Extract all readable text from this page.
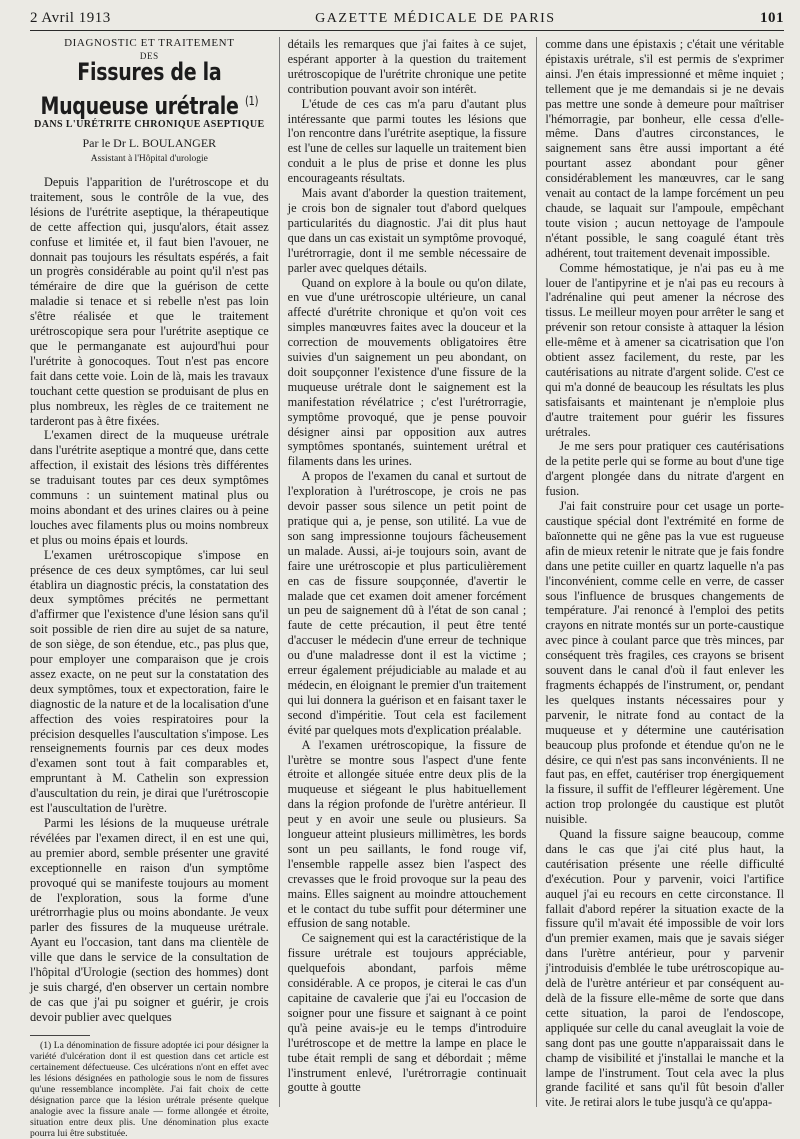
2 Avril 1913	GAZETTE MÉDICALE DE PARIS	101
DIAGNOSTIC ET TRAITEMENT
DES
Fissures de la Muqueuse urétrale $^{(1)}$
DANS L'URÉTRITE CHRONIQUE ASEPTIQUE
Par le Dr L. BOULANGER
Assistant à l'Hôpital d'urologie

Depuis l'apparition de l'urétroscope et du traitement, sous le contrôle de la vue, des lésions de l'urétrite aseptique, la thérapeutique de cette affection qui, jusqu'alors, était assez confuse et limitée et, il faut bien l'avouer, ne donnait pas toujours les résultats espérés, a fait un progrès considérable au point qu'il n'est pas téméraire de dire que la guérison de cette maladie si tenace et si rebelle n'est pas loin s'être réalisée et que le traitement urétroscopique sera pour l'urétrite aseptique ce que le permanganate est aujourd'hui pour l'urétrite à gonocoques. Tout n'est pas encore fait dans cette voie. Loin de là, mais les travaux touchant cette question se produisant de plus en plus nombreux, les règles de ce traitement ne tarderont pas à être fixées.

L'examen direct de la muqueuse urétrale dans l'urétrite aseptique a montré que, dans cette affection, il existait des lésions très différentes se traduisant toutes par ces deux symptômes communs : un suintement matinal plus ou moins abondant et des urines claires ou à peine louches avec filaments plus ou moins nombreux et plus ou moins épais et lourds.

L'examen urétroscopique s'impose en présence de ces deux symptômes, car lui seul établira un diagnostic précis, la constatation des deux symptômes précités ne permettant d'affirmer que l'existence d'une lésion sans qu'il soit possible de rien dire au sujet de sa nature, de son siège, de son étendue, etc., pas plus que, pour employer une comparaison que je crois assez exacte, on ne peut sur la constatation des deux symptômes, toux et expectoration, faire le diagnostic de la nature et de la localisation d'une affection des voies respiratoires pour la précision desquelles l'auscultation s'impose. Les renseignements fournis par ces deux modes d'examen sont tout à fait comparables et, empruntant à M. Cathelin son expression d'auscultation du rein, je dirai que l'urétroscopie est l'auscultation de l'urètre.

Parmi les lésions de la muqueuse urétrale révélées par l'examen direct, il en est une qui, au premier abord, semble présenter une gravité exceptionnelle en raison d'un symptôme provoqué qui se manifeste toujours au moment de l'exploration, sous la forme d'une urétrorrhagie plus ou moins abondante. Je veux parler des fissures de la muqueuse urétrale. Ayant eu l'occasion, tant dans ma clientèle de ville que dans le service de la consultation de l'hôpital d'Urologie (section des hommes) dont je suis chargé, d'en observer un certain nombre de cas que j'ai pu soigner et guérir, je crois devoir publier avec quelques

(1) La dénomination de fissure adoptée ici pour désigner la variété d'ulcération dont il est question dans cet article est certainement défectueuse. Ces ulcérations n'ont en effet avec les lésions désignées en pathologie sous le nom de fissures qu'une ressemblance incomplète. J'ai fait choix de cette désignation parce que la lésion urétrale présente quelque analogie avec la fissure anale — forme allongée et étroite, situation entre deux plis. Une dénomination plus exacte pourra lui être substituée.

détails les remarques que j'ai faites à ce sujet, espérant apporter à la question du traitement urétroscopique de l'urétrite chronique une petite contribution pouvant avoir son intérêt.

L'étude de ces cas m'a paru d'autant plus intéressante que parmi toutes les lésions que l'on rencontre dans l'urétrite aseptique, la fissure est l'une de celles sur laquelle un traitement bien conduit a le plus de prise et donne les plus encourageants résultats.

Mais avant d'aborder la question traitement, je crois bon de signaler tout d'abord quelques particularités du diagnostic. J'ai dit plus haut que dans un cas existait un symptôme provoqué, l'urétrorragie, dont il me semble nécessaire de parler avec quelques détails.

Quand on explore à la boule ou qu'on dilate, en vue d'une urétroscopie ultérieure, un canal affecté d'urétrite chronique et qu'on voit ces simples manœuvres faites avec la douceur et la correction de mouvements obligatoires être suivies d'un saignement un peu abondant, on doit soupçonner l'existence d'une fissure de la muqueuse urétrale dont le saignement est la manifestation révélatrice ; c'est l'urétrorragie, symptôme provoqué, que je pense pouvoir désigner ainsi par opposition aux autres symptômes spontanés, suintement urétral et filaments dans les urines.

A propos de l'examen du canal et surtout de l'exploration à l'urétroscope, je crois ne pas devoir passer sous silence un petit point de pratique qui a, je pense, son utilité. La vue de son sang impressionne toujours fâcheusement un malade. Aussi, ai-je toujours soin, avant de faire une urétroscopie et plus particulièrement en cas de fissure soupçonnée, d'avertir le malade que cet examen doit amener forcément un peu de saignement dû à l'état de son canal ; faute de cette précaution, il peut être tenté d'accuser le médecin d'une erreur de technique ou d'une maladresse dont il est la victime ; erreur également préjudiciable au malade et au médecin, en éloignant le premier d'un traitement qui lui donnera la guérison et en faisant taxer le second d'impéritie. Tout cela est facilement évité par quelques mots d'explication préalable.

A l'examen urétroscopique, la fissure de l'urètre se montre sous l'aspect d'une fente étroite et allongée située entre deux plis de la muqueuse et siégeant le plus habituellement dans la région profonde de l'urètre antérieur. Il peut y en avoir une seule ou plusieurs. Sa longueur atteint plusieurs millimètres, les bords sont un peu saillants, le fond rouge vif, l'ensemble rappelle assez bien l'aspect des crevasses que le froid provoque sur la peau des mains. Elles saignent au moindre attouchement et le contact du tube suffit pour déterminer une effusion de sang notable.

Ce saignement qui est la caractéristique de la fissure urétrale est toujours appréciable, quelquefois abondant, parfois même considérable. A ce propos, je citerai le cas d'un capitaine de cavalerie que j'ai eu l'occasion de soigner pour une fissure et saignant à ce point qu'à peine avais-je eu le temps d'introduire l'urétroscope et de mettre la lampe en place le tube était rempli de sang et débordait ; même l'instrument enlevé, l'urétrorragie continuait goutte à goutte

comme dans une épistaxis ; c'était une véritable épistaxis urétrale, s'il est permis de s'exprimer ainsi. J'en étais impressionné et même inquiet ; tellement que je me demandais si je ne devais pas mettre une sonde à demeure pour maîtriser l'hémorragie, par bonheur, elle cessa d'elle-même. Dans d'autres circonstances, le saignement sans être aussi important a été pourtant assez abondant pour gêner considérablement les manœuvres, car le sang venait au contact de la lampe forcément un peu chaude, se laquait sur l'ampoule, empêchant toute vision ; aucun nettoyage de l'ampoule n'étant possible, le sang coagulé étant très adhérent, tout traitement devenait impossible.

Comme hémostatique, je n'ai pas eu à me louer de l'antipyrine et je n'ai pas eu recours à l'adrénaline qui peut amener la nécrose des tissus. Le meilleur moyen pour arrêter le sang et prévenir son retour consiste à attaquer la lésion elle-même et à amener sa cicatrisation que l'on obtient assez facilement, du reste, par les cautérisations au nitrate d'argent solide. C'est ce qui m'a donné de beaucoup les résultats les plus satisfaisants et maintenant je n'emploie plus d'autre traitement pour guérir les fissures urétrales.

Je me sers pour pratiquer ces cautérisations de la petite perle qui se forme au bout d'une tige d'argent plongée dans du nitrate d'argent en fusion.

J'ai fait construire pour cet usage un porte-caustique spécial dont l'extrémité en forme de baïonnette qui ne gêne pas la vue est rugueuse afin de mieux retenir le nitrate que je fais fondre dans une petite cuiller en quartz laquelle n'a pas l'inconvénient, comme celle en verre, de casser sous l'influence de brusques changements de température. J'ai renoncé à l'emploi des petits crayons en nitrate montés sur un porte-caustique avec pince à coulant parce que très minces, par conséquent très fragiles, ces crayons se brisent souvent dans le canal d'où il faut enlever les fragments échappés de l'instrument, or, pendant les quelques instants nécessaires pour y parvenir, le nitrate fond au contact de la muqueuse et y détermine une cautérisation beaucoup plus profonde et étendue qu'on ne le désire, ce qui n'est pas sans inconvénients. Il ne faut pas, en effet, cautériser trop énergiquement la fissure, il suffit de l'effleurer légèrement. Une action trop prolongée du caustique est plutôt nuisible.

Quand la fissure saigne beaucoup, comme dans le cas que j'ai cité plus haut, la cautérisation présente une réelle difficulté d'exécution. Pour y parvenir, voici l'artifice auquel j'ai eu recours en cette circonstance. Il fallait d'abord repérer la situation exacte de la fissure qu'il m'avait été impossible de voir lors d'un premier examen, mais que je savais siéger dans l'urètre antérieur, pour y parvenir j'introduisis d'emblée le tube urétroscopique au-delà de l'urètre antérieur et par conséquent au-delà de la fissure elle-même de sorte que dans cette situation, la paroi de l'endoscope, appliquée sur celle du canal aveuglait la voie de sang dont pas une goutte n'apparaissait dans le champ de visibilité et j'installai le manche et la lampe de l'instrument. Tout cela avec la plus grande facilité et sans qu'il fût besoin d'aller vite. Je retirai alors le tube jusqu'à ce qu'appa-
